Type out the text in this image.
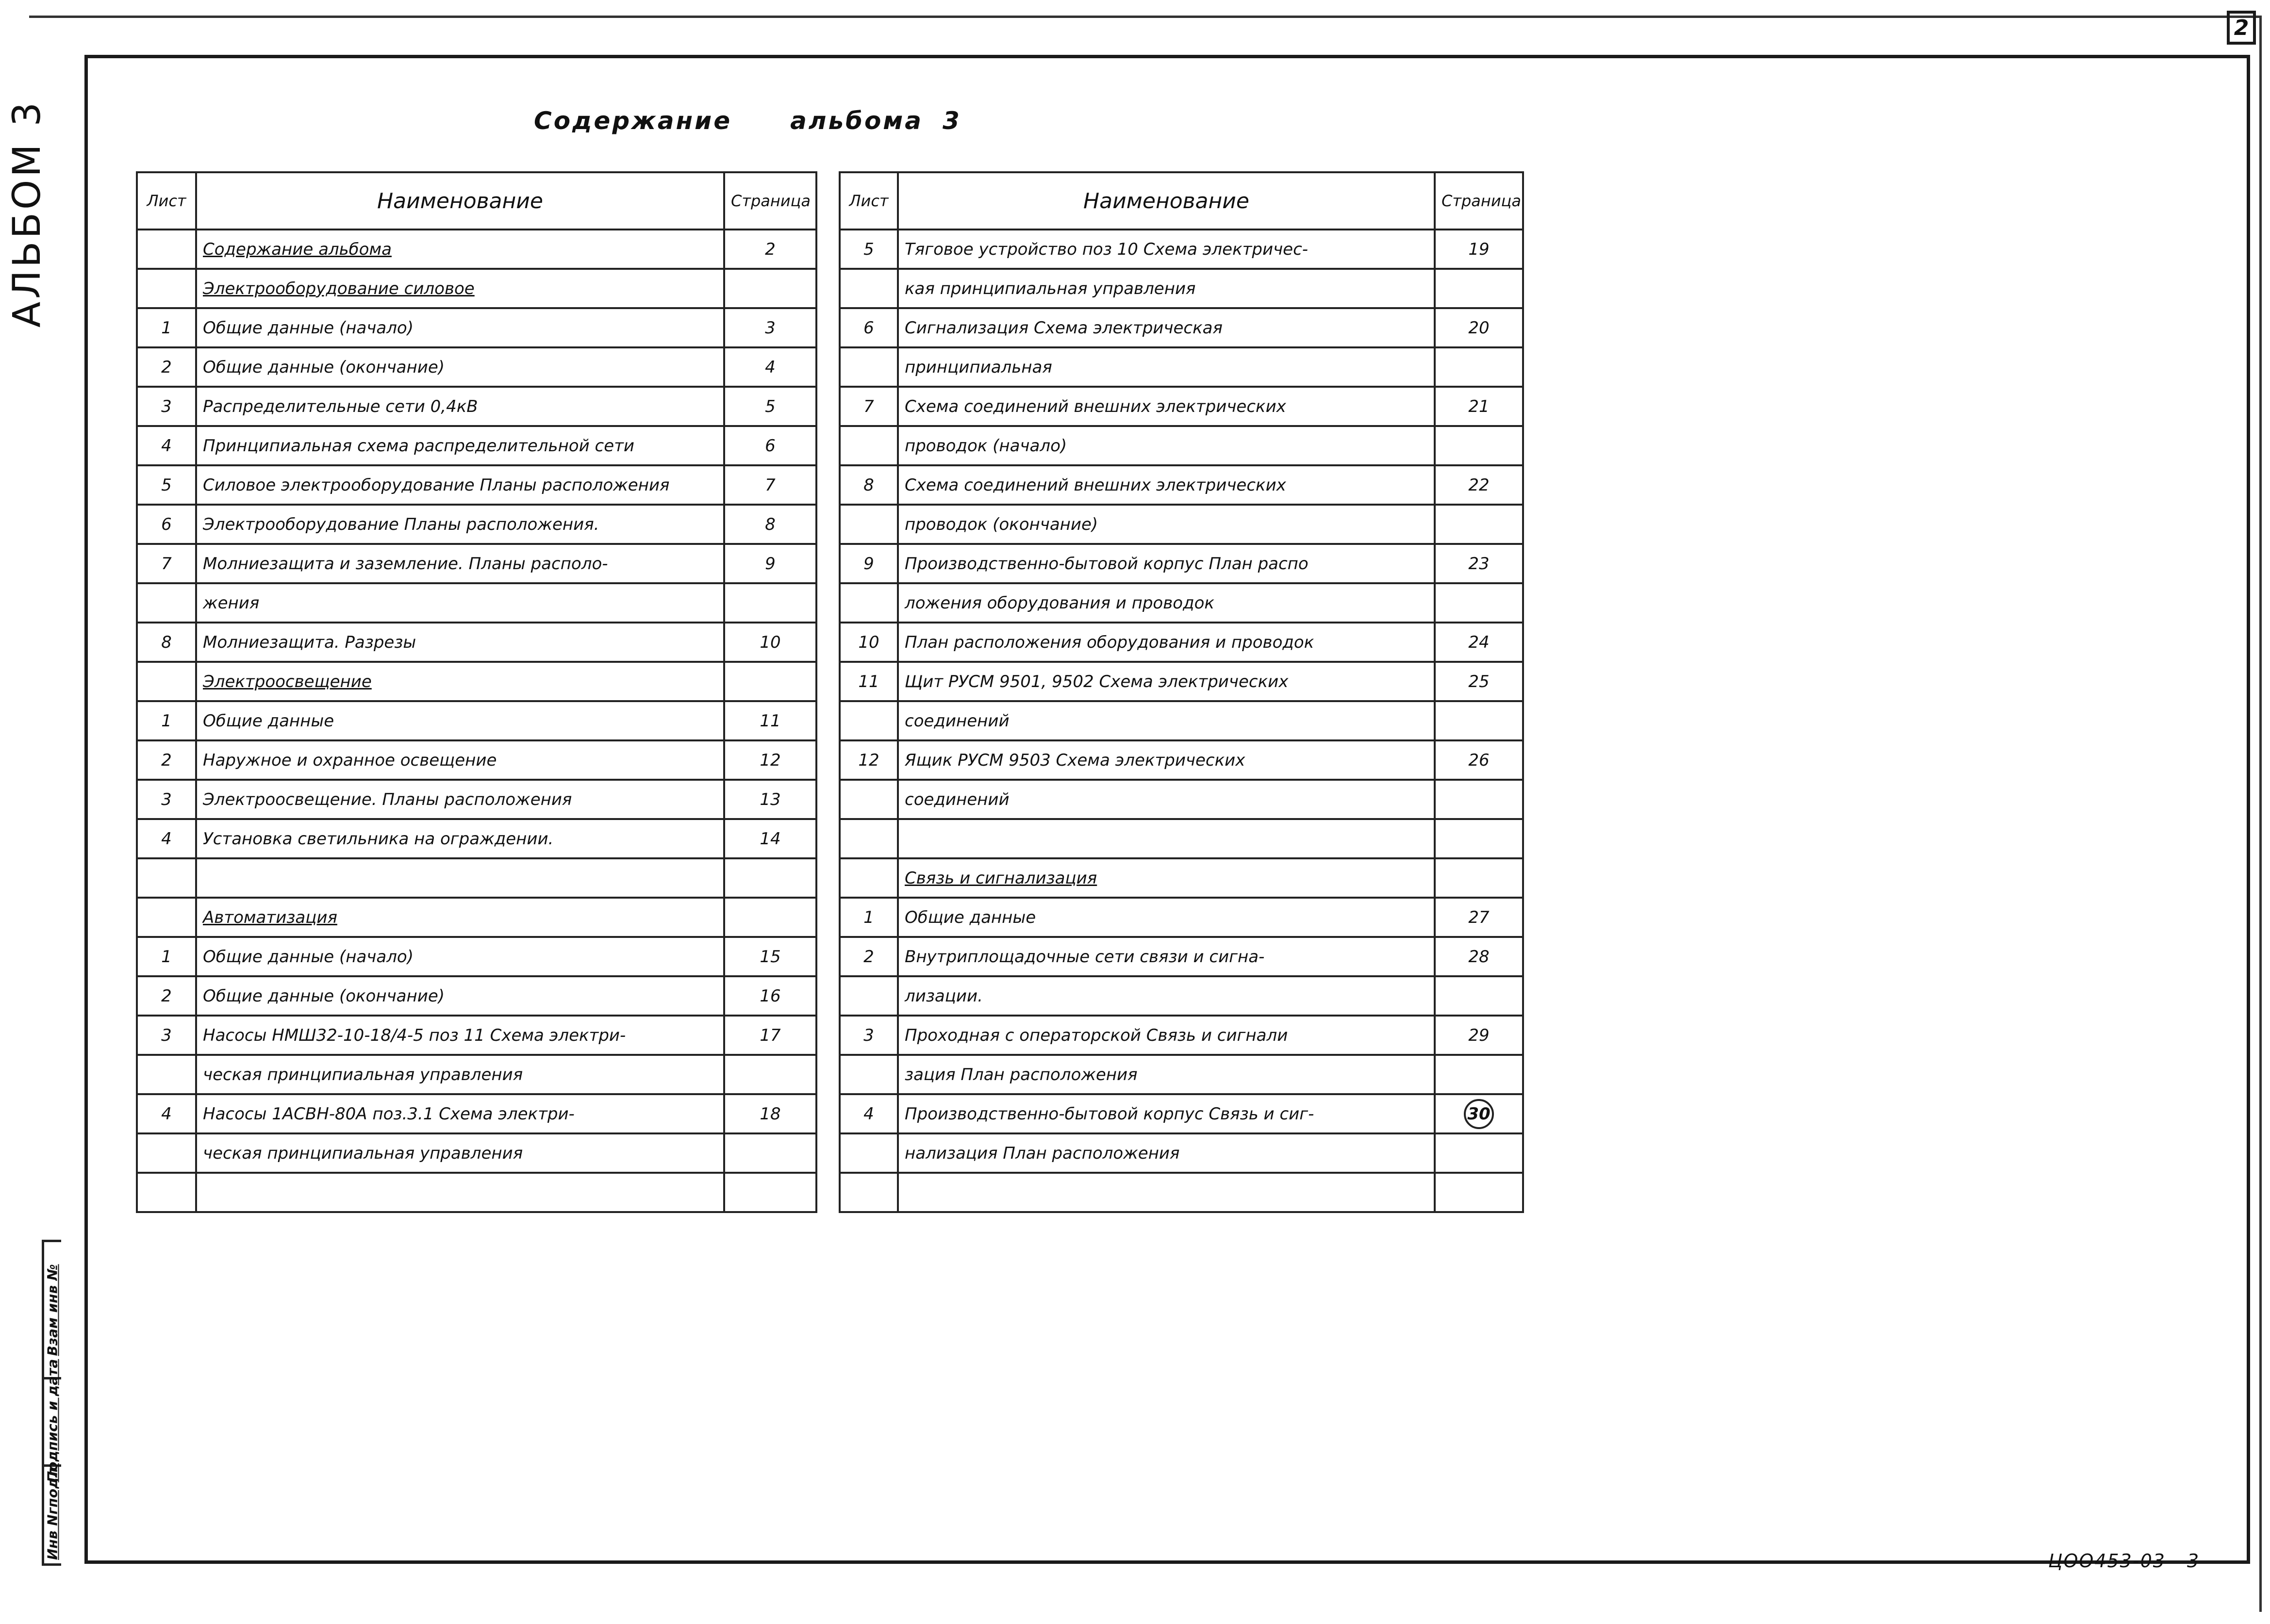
2
АЛЬБОМ 3	Содержание альбома 3
Лист	Наименование	Страница
	Содержание альбома	2
	Электрооборудование силовое	
1	Общие данные (начало)	3
2	Общие данные (окончание)	4
3	Распределительные сети 0,4кВ	5
4	Принципиальная схема распределительной сети	6
5	Силовое электрооборудование Планы расположения	7
6	Электрооборудование Планы расположения.	8
7	Молниезащита и заземление. Планы располо-	9
	жения	
8	Молниезащита. Разрезы	10
	Электроосвещение	
1	Общие данные	11
2	Наружное и охранное освещение	12
3	Электроосвещение. Планы расположения	13
4	Установка светильника на ограждении.	14

	Автоматизация	
1	Общие данные (начало)	15
2	Общие данные (окончание)	16
3	Насосы НМШ32-10-18/4-5 поз 11 Схема электри-	17
	ческая принципиальная управления	
4	Насосы 1АСВН-80А поз.3.1 Схема электри-	18
	ческая принципиальная управления	

Лист	Наименование	Страница
5	Тяговое устройство поз 10 Схема электричес-	19
	кая принципиальная управления	
6	Сигнализация Схема электрическая	20
	принципиальная	
7	Схема соединений внешних электрических	21
	проводок (начало)	
8	Схема соединений внешних электрических	22
	проводок (окончание)	
9	Производственно-бытовой корпус План распо	23
	ложения оборудования и проводок	
10	План расположения оборудования и проводок	24
11	Щит РУСМ 9501, 9502 Схема электрических	25
	соединений	
12	Ящик РУСМ 9503 Схема электрических	26
	соединений	

	Связь и сигнализация	
1	Общие данные	27
2	Внутриплощадочные сети связи и сигна-	28
	лизации.	
3	Проходная с операторской Связь и сигнали	29
	зация План расположения	
4	Производственно-бытовой корпус Связь и сиг-	30
	нализация План расположения	

Взам инв №
Подпись и дата
Инв Nгподл
ЦОО453-03 3
